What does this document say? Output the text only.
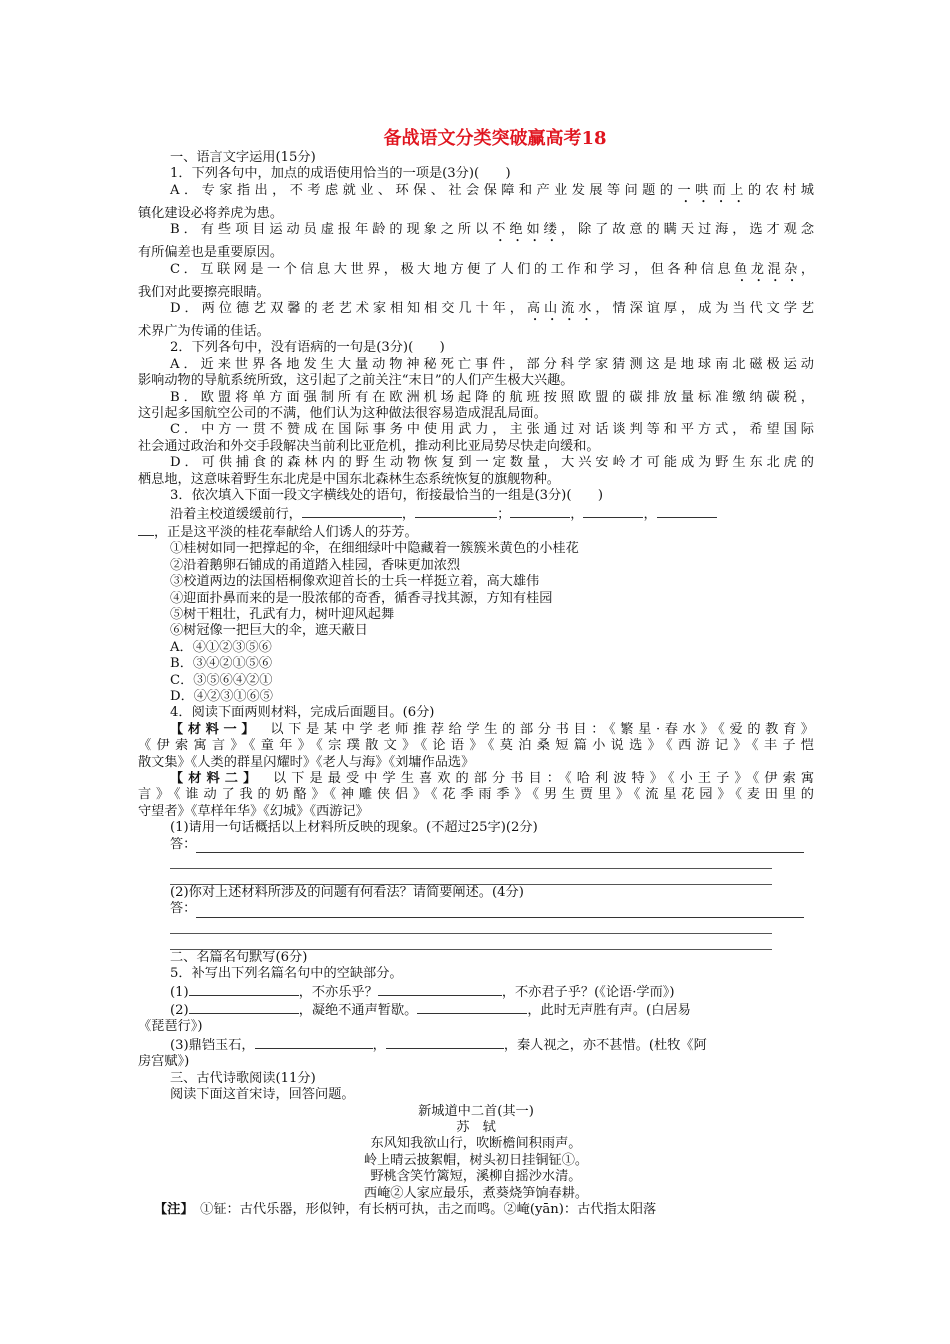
备战语文分类突破赢高考18
一、语言文字运用(15分)
1．下列各句中，加点的成语使用恰当的一项是(3分)(　　)
A．专家指出，不考虑就业、环保、社会保障和产业发展等问题的一哄而上的农村城
镇化建设必将养虎为患。
B．有些项目运动员虚报年龄的现象之所以不绝如缕，除了故意的瞒天过海，选才观念
有所偏差也是重要原因。
C．互联网是一个信息大世界，极大地方便了人们的工作和学习，但各种信息鱼龙混杂，
我们对此要擦亮眼睛。
D．两位德艺双馨的老艺术家相知相交几十年，高山流水，情深谊厚，成为当代文学艺
术界广为传诵的佳话。
2．下列各句中，没有语病的一句是(3分)(　　)
A．近来世界各地发生大量动物神秘死亡事件，部分科学家猜测这是地球南北磁极运动
影响动物的导航系统所致，这引起了之前关注“末日”的人们产生极大兴趣。
B．欧盟将单方面强制所有在欧洲机场起降的航班按照欧盟的碳排放量标准缴纳碳税，
这引起多国航空公司的不满，他们认为这种做法很容易造成混乱局面。
C．中方一贯不赞成在国际事务中使用武力，主张通过对话谈判等和平方式，希望国际
社会通过政治和外交手段解决当前利比亚危机，推动利比亚局势尽快走向缓和。
D．可供捕食的森林内的野生动物恢复到一定数量，大兴安岭才可能成为野生东北虎的
栖息地，这意味着野生东北虎是中国东北森林生态系统恢复的旗舰物种。
3．依次填入下面一段文字横线处的语句，衔接最恰当的一组是(3分)(　　)
沿着主校道缓缓前行，	，	；	，	，
，正是这平淡的桂花奉献给人们诱人的芬芳。
①桂树如同一把撑起的伞，在细细绿叶中隐藏着一簇簇米黄色的小桂花
②沿着鹅卵石铺成的甬道踏入桂园，香味更加浓烈
③校道两边的法国梧桐像欢迎首长的士兵一样挺立着，高大雄伟
④迎面扑鼻而来的是一股浓郁的奇香，循香寻找其源，方知有桂园
⑤树干粗壮，孔武有力，树叶迎风起舞
⑥树冠像一把巨大的伞，遮天蔽日
A．④①②③⑤⑥
B．③④②①⑤⑥
C．③⑤⑥④②①
D．④②③①⑥⑤
4．阅读下面两则材料，完成后面题目。(6分)
【材料一】　 以下是某中学老师推荐给学生的部分书目：《繁星·春水》《爱的教育》
《伊索寓言》《童年》《宗璞散文》《论语》《莫泊桑短篇小说选》《西游记》《丰子恺
散文集》《人类的群星闪耀时》《老人与海》《刘墉作品选》
【材料二】　 以下是最受中学生喜欢的部分书目：《哈利波特》《小王子》《伊索寓
言》《谁动了我的奶酪》《神雕侠侣》《花季雨季》《男生贾里》《流星花园》《麦田里的
守望者》《草样年华》《幻城》《西游记》
(1)请用一句话概括以上材料所反映的现象。(不超过25字)(2分)
答：
(2)你对上述材料所涉及的问题有何看法？请简要阐述。(4分)
答：
二、名篇名句默写(6分)
5．补写出下列名篇名句中的空缺部分。
(1)	，不亦乐乎？	，不亦君子乎？(《论语·学而》)
(2)	，凝绝不通声暂歇。	，此时无声胜有声。(白居易
《琵琶行》)
(3)鼎铛玉石，	，	，秦人视之，亦不甚惜。(杜牧《阿
房宫赋》)
三、古代诗歌阅读(11分)
阅读下面这首宋诗，回答问题。
新城道中二首(其一)
苏　轼
东风知我欲山行，吹断檐间积雨声。
岭上晴云披絮帽，树头初日挂铜钲①。
野桃含笑竹篱短，溪柳自摇沙水清。
西崦②人家应最乐，煮葵烧笋饷春耕。
【注】　 ①钲：古代乐器，形似钟，有长柄可执，击之而鸣。②崦(yān)：古代指太阳落
